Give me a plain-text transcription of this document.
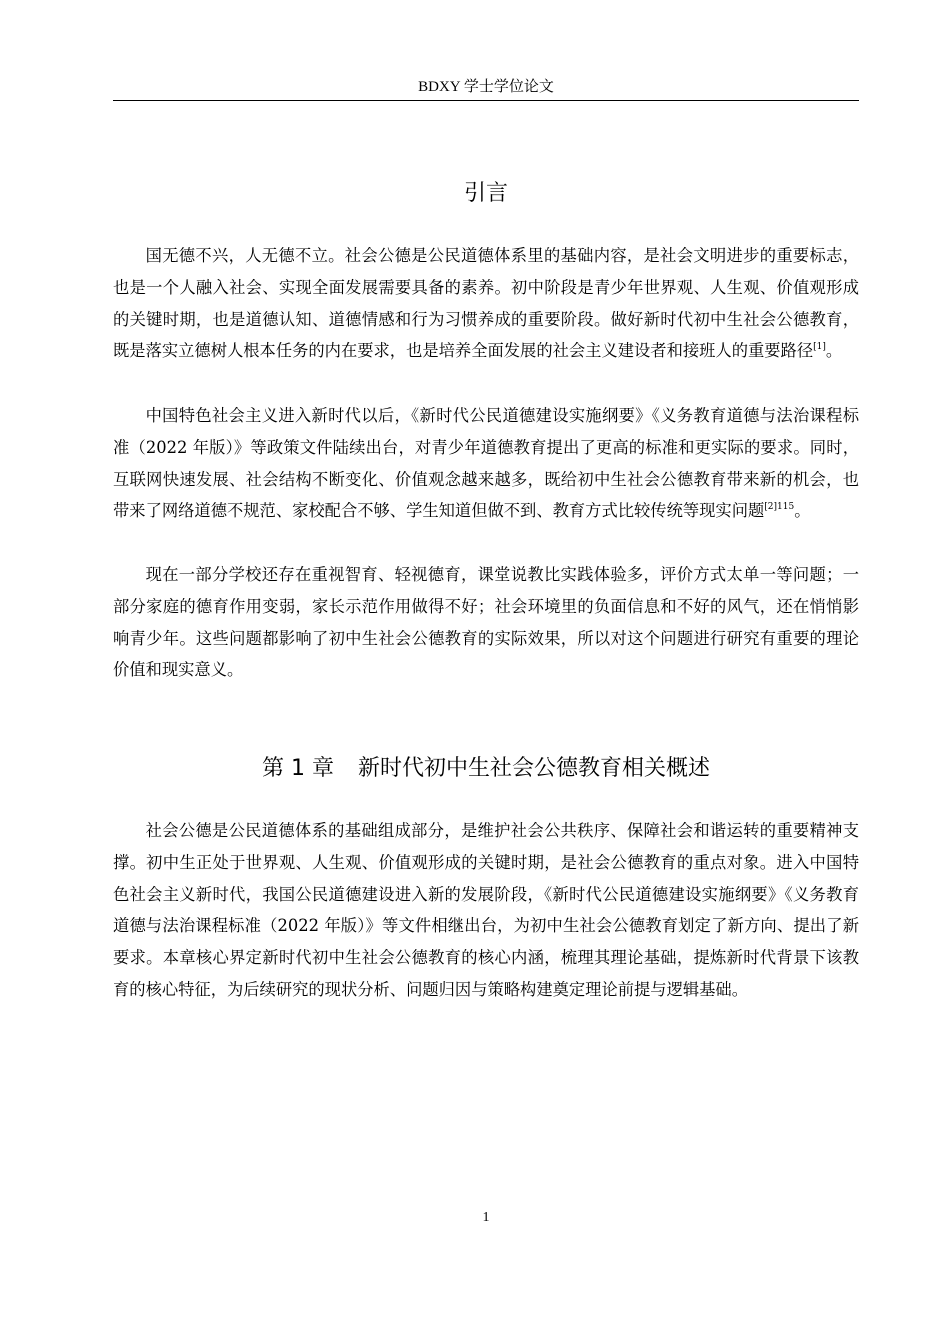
BDXY 学士学位论文
引言

国无德不兴，人无德不立。社会公德是公民道德体系里的基础内容，是社会文明进步的重要标志，也是一个人融入社会、实现全面发展需要具备的素养。初中阶段是青少年世界观、人生观、价值观形成的关键时期，也是道德认知、道德情感和行为习惯养成的重要阶段。做好新时代初中生社会公德教育，既是落实立德树人根本任务的内在要求，也是培养全面发展的社会主义建设者和接班人的重要路径[1]。

中国特色社会主义进入新时代以后，《新时代公民道德建设实施纲要》《义务教育道德与法治课程标准（2022 年版）》等政策文件陆续出台，对青少年道德教育提出了更高的标准和更实际的要求。同时，互联网快速发展、社会结构不断变化、价值观念越来越多，既给初中生社会公德教育带来新的机会，也带来了网络道德不规范、家校配合不够、学生知道但做不到、教育方式比较传统等现实问题$^{[2]115}$。

现在一部分学校还存在重视智育、轻视德育，课堂说教比实践体验多，评价方式太单一等问题；一部分家庭的德育作用变弱，家长示范作用做得不好；社会环境里的负面信息和不好的风气，还在悄悄影响青少年。这些问题都影响了初中生社会公德教育的实际效果，所以对这个问题进行研究有重要的理论价值和现实意义。

第 1 章 新时代初中生社会公德教育相关概述

社会公德是公民道德体系的基础组成部分，是维护社会公共秩序、保障社会和谐运转的重要精神支撑。初中生正处于世界观、人生观、价值观形成的关键时期，是社会公德教育的重点对象。进入中国特色社会主义新时代，我国公民道德建设进入新的发展阶段，《新时代公民道德建设实施纲要》《义务教育道德与法治课程标准（2022 年版）》等文件相继出台，为初中生社会公德教育划定了新方向、提出了新要求。本章核心界定新时代初中生社会公德教育的核心内涵，梳理其理论基础，提炼新时代背景下该教育的核心特征，为后续研究的现状分析、问题归因与策略构建奠定理论前提与逻辑基础。

1
